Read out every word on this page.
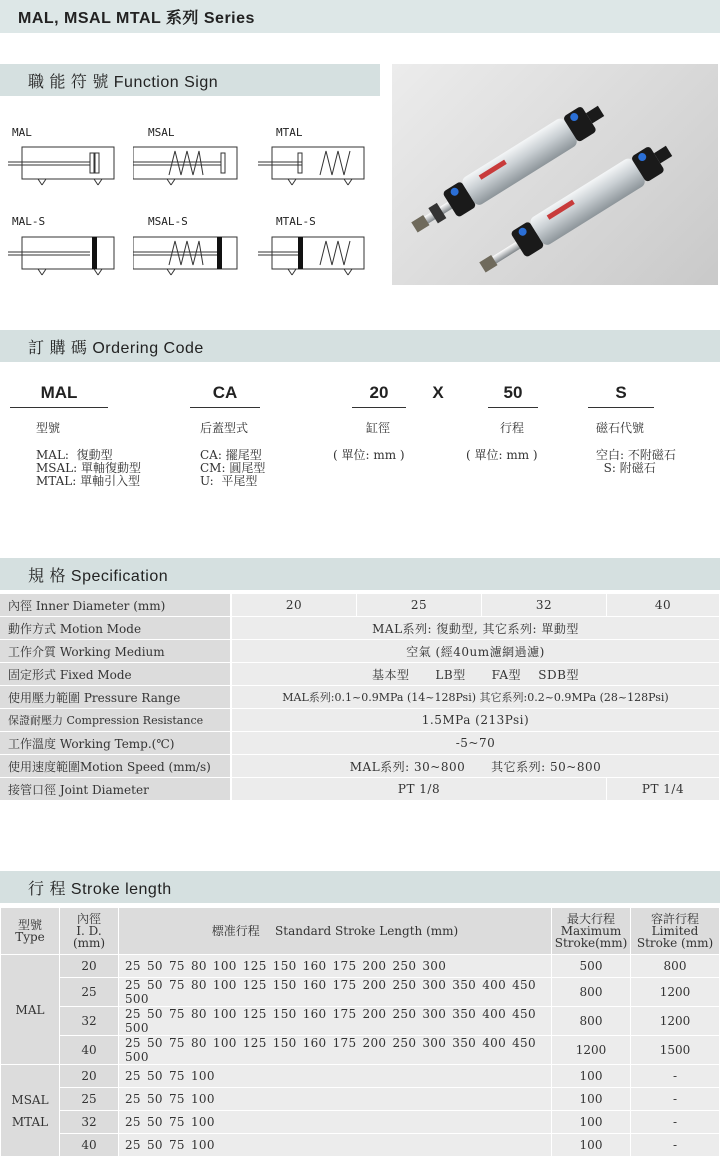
MAL, MSAL MTAL 系列 Series
職 能 符 號 Function Sign
MAL	MSAL	MTAL
MAL-S	MSAL-S	MTAL-S
訂 購 碼 Ordering Code
MAL	CA	20	X	50	S
型號	后蓋型式	缸徑	行程	磁石代號
MAL:  復動型
MSAL: 單軸復動型
MTAL: 單軸引入型
CA: 擺尾型
CM: 圓尾型
U:  平尾型
( 單位: mm )	( 單位: mm )	空白: 不附磁石
S: 附磁石
規 格 Specification
內徑 Inner Diameter (mm)	20	25	32	40
動作方式 Motion Mode	MAL系列: 復動型, 其它系列: 單動型			
工作介質 Working Medium	空氣 (經40um濾網過濾)			
固定形式 Fixed Mode	基本型      LB型      FA型    SDB型			
使用壓力範圍 Pressure Range	MAL系列:0.1~0.9MPa (14~128Psi) 其它系列:0.2~0.9MPa (28~128Psi)			
保證耐壓力 Compression Resistance	1.5MPa (213Psi)			
工作溫度 Working Temp.(℃)	-5~70			
使用速度範圍Motion Speed (mm/s)	MAL系列: 30~800      其它系列: 50~800			
接管口徑 Joint Diameter	PT 1/8			PT 1/4
行 程 Stroke length
型號
Type	內徑
I. D.
(mm)	標准行程    Standard Stroke Length (mm)	最大行程
Maximum
Stroke(mm)	容許行程
Limited
Stroke (mm)
MAL	20	25 50 75 80 100 125 150 160 175 200 250 300	500	800
	25	25 50 75 80 100 125 150 160 175 200 250 300 350 400 450 500	800	1200
	32	25 50 75 80 100 125 150 160 175 200 250 300 350 400 450 500	800	1200
	40	25 50 75 80 100 125 150 160 175 200 250 300 350 400 450 500	1200	1500
MSAL
MTAL	20	25 50 75 100	100	-
	25	25 50 75 100	100	-
	32	25 50 75 100	100	-
	40	25 50 75 100	100	-
